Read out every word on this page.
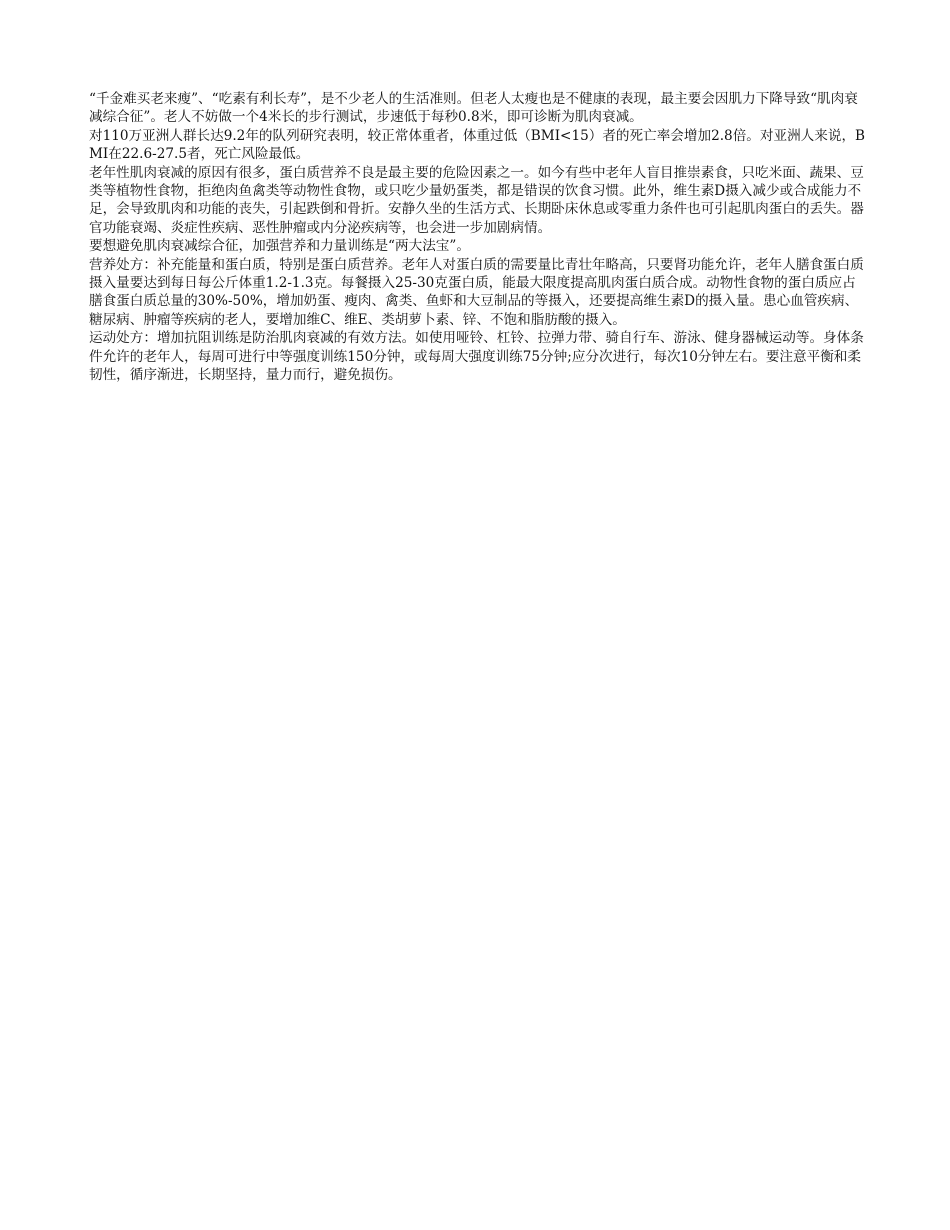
“千金难买老来瘦”、“吃素有利长寿”，是不少老人的生活准则。但老人太瘦也是不健康的表现，最主要会因肌力下降导致“肌肉衰减综合征”。老人不妨做一个4米长的步行测试，步速低于每秒0.8米，即可诊断为肌肉衰减。

对110万亚洲人群长达9.2年的队列研究表明，较正常体重者，体重过低（BMI<15）者的死亡率会增加2.8倍。对亚洲人来说，BMI在22.6-27.5者，死亡风险最低。

老年性肌肉衰减的原因有很多，蛋白质营养不良是最主要的危险因素之一。如今有些中老年人盲目推崇素食，只吃米面、蔬果、豆类等植物性食物，拒绝肉鱼禽类等动物性食物，或只吃少量奶蛋类，都是错误的饮食习惯。此外，维生素D摄入减少或合成能力不足，会导致肌肉和功能的丧失，引起跌倒和骨折。安静久坐的生活方式、长期卧床休息或零重力条件也可引起肌肉蛋白的丢失。器官功能衰竭、炎症性疾病、恶性肿瘤或内分泌疾病等，也会进一步加剧病情。

要想避免肌肉衰减综合征，加强营养和力量训练是“两大法宝”。

营养处方：补充能量和蛋白质，特别是蛋白质营养。老年人对蛋白质的需要量比青壮年略高，只要肾功能允许，老年人膳食蛋白质摄入量要达到每日每公斤体重1.2-1.3克。每餐摄入25-30克蛋白质，能最大限度提高肌肉蛋白质合成。动物性食物的蛋白质应占膳食蛋白质总量的30%-50%，增加奶蛋、瘦肉、禽类、鱼虾和大豆制品的等摄入，还要提高维生素D的摄入量。患心血管疾病、糖尿病、肿瘤等疾病的老人，要增加维C、维E、类胡萝卜素、锌、不饱和脂肪酸的摄入。

运动处方：增加抗阻训练是防治肌肉衰减的有效方法。如使用哑铃、杠铃、拉弹力带、骑自行车、游泳、健身器械运动等。身体条件允许的老年人，每周可进行中等强度训练150分钟，或每周大强度训练75分钟;应分次进行，每次10分钟左右。要注意平衡和柔韧性，循序渐进，长期坚持，量力而行，避免损伤。
